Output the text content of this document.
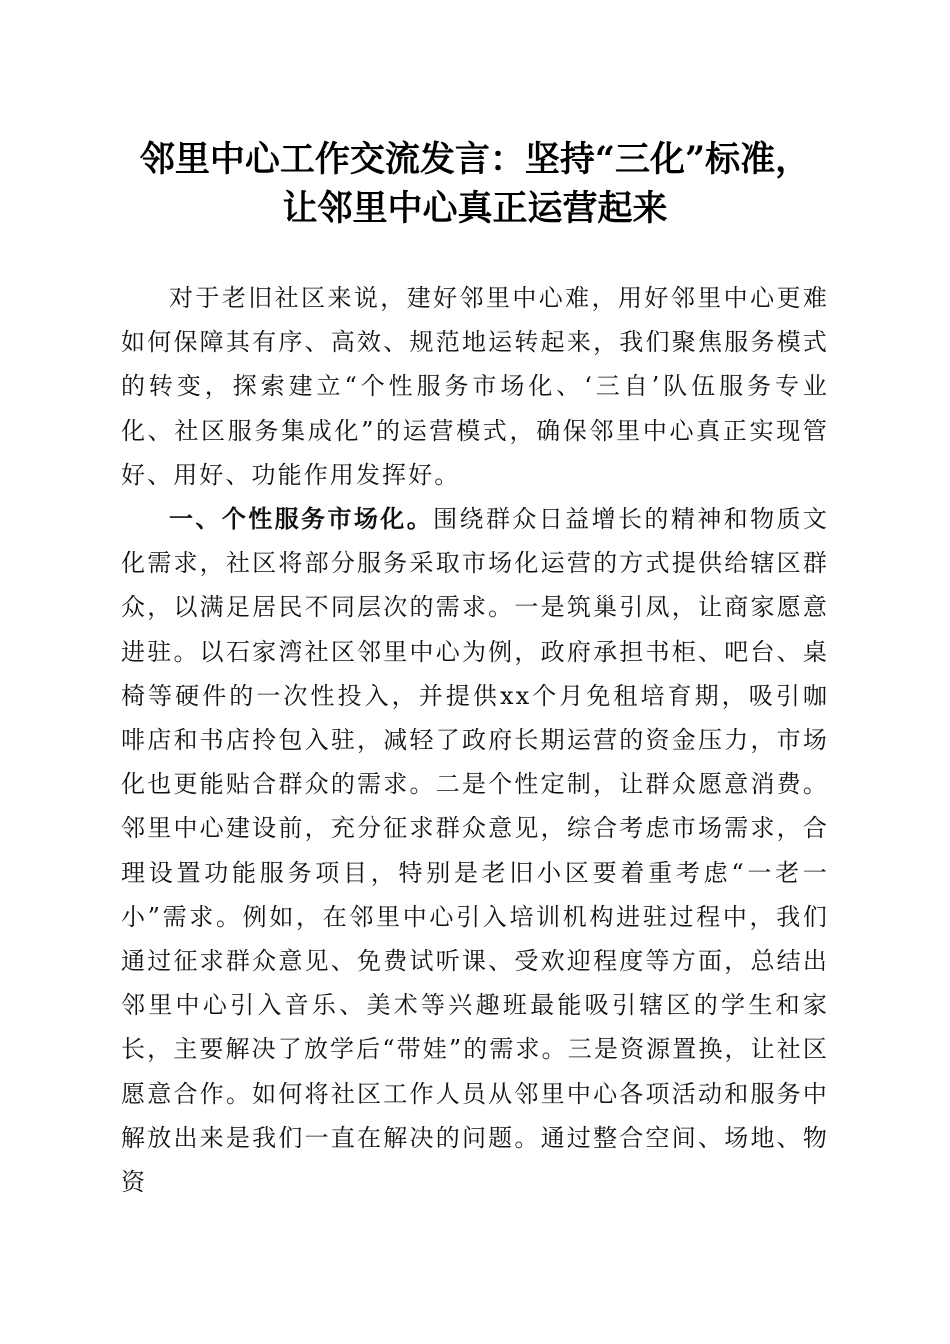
邻里中心工作交流发言：坚持“三化”标准，
让邻里中心真正运营起来

对于老旧社区来说，建好邻里中心难，用好邻里中心更难如何保障其有序、高效、规范地运转起来，我们聚焦服务模式的转变，探索建立“个性服务市场化、‘三自’队伍服务专业化、社区服务集成化”的运营模式，确保邻里中心真正实现管好、用好、功能作用发挥好。

一、个性服务市场化。围绕群众日益增长的精神和物质文化需求，社区将部分服务采取市场化运营的方式提供给辖区群众，以满足居民不同层次的需求。一是筑巢引凤，让商家愿意进驻。以石家湾社区邻里中心为例，政府承担书柜、吧台、桌椅等硬件的一次性投入，并提供xx个月免租培育期，吸引咖啡店和书店拎包入驻，减轻了政府长期运营的资金压力，市场化也更能贴合群众的需求。二是个性定制，让群众愿意消费。邻里中心建设前，充分征求群众意见，综合考虑市场需求，合理设置功能服务项目，特别是老旧小区要着重考虑“一老一小”需求。例如，在邻里中心引入培训机构进驻过程中，我们通过征求群众意见、免费试听课、受欢迎程度等方面，总结出邻里中心引入音乐、美术等兴趣班最能吸引辖区的学生和家长，主要解决了放学后“带娃”的需求。三是资源置换，让社区愿意合作。如何将社区工作人员从邻里中心各项活动和服务中解放出来是我们一直在解决的问题。通过整合空间、场地、物资
